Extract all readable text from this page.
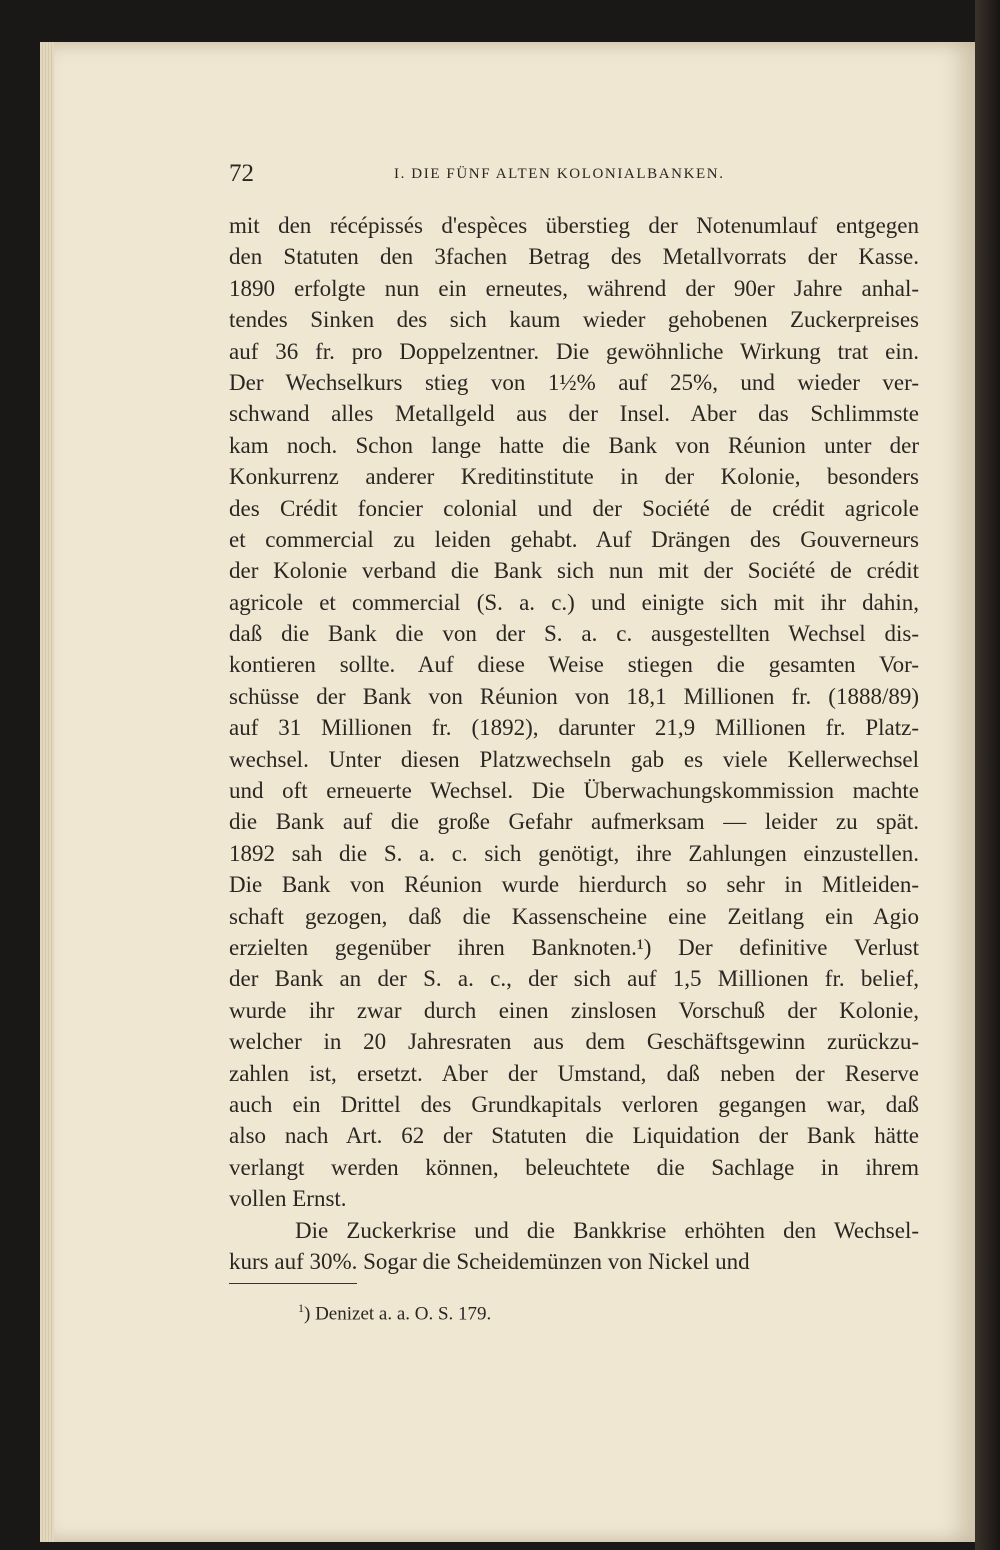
72	I. DIE FÜNF ALTEN KOLONIALBANKEN.
mit den récépissés d'espèces überstieg der Notenumlauf entgegen
den Statuten den 3fachen Betrag des Metallvorrats der Kasse.
1890 erfolgte nun ein erneutes, während der 90er Jahre anhal-
tendes Sinken des sich kaum wieder gehobenen Zuckerpreises
auf 36 fr. pro Doppelzentner. Die gewöhnliche Wirkung trat ein.
Der Wechselkurs stieg von 1½% auf 25%, und wieder ver-
schwand alles Metallgeld aus der Insel. Aber das Schlimmste
kam noch. Schon lange hatte die Bank von Réunion unter der
Konkurrenz anderer Kreditinstitute in der Kolonie, besonders
des Crédit foncier colonial und der Société de crédit agricole
et commercial zu leiden gehabt. Auf Drängen des Gouverneurs
der Kolonie verband die Bank sich nun mit der Société de crédit
agricole et commercial (S. a. c.) und einigte sich mit ihr dahin,
daß die Bank die von der S. a. c. ausgestellten Wechsel dis-
kontieren sollte. Auf diese Weise stiegen die gesamten Vor-
schüsse der Bank von Réunion von 18,1 Millionen fr. (1888/89)
auf 31 Millionen fr. (1892), darunter 21,9 Millionen fr. Platz-
wechsel. Unter diesen Platzwechseln gab es viele Kellerwechsel
und oft erneuerte Wechsel. Die Überwachungskommission machte
die Bank auf die große Gefahr aufmerksam — leider zu spät.
1892 sah die S. a. c. sich genötigt, ihre Zahlungen einzustellen.
Die Bank von Réunion wurde hierdurch so sehr in Mitleiden-
schaft gezogen, daß die Kassenscheine eine Zeitlang ein Agio
erzielten gegenüber ihren Banknoten.¹) Der definitive Verlust
der Bank an der S. a. c., der sich auf 1,5 Millionen fr. belief,
wurde ihr zwar durch einen zinslosen Vorschuß der Kolonie,
welcher in 20 Jahresraten aus dem Geschäftsgewinn zurückzu-
zahlen ist, ersetzt. Aber der Umstand, daß neben der Reserve
auch ein Drittel des Grundkapitals verloren gegangen war, daß
also nach Art. 62 der Statuten die Liquidation der Bank hätte
verlangt werden können, beleuchtete die Sachlage in ihrem
vollen Ernst.
Die Zuckerkrise und die Bankkrise erhöhten den Wechsel-
kurs auf 30%. Sogar die Scheidemünzen von Nickel und
$^1$) Denizet a. a. O. S. 179.
